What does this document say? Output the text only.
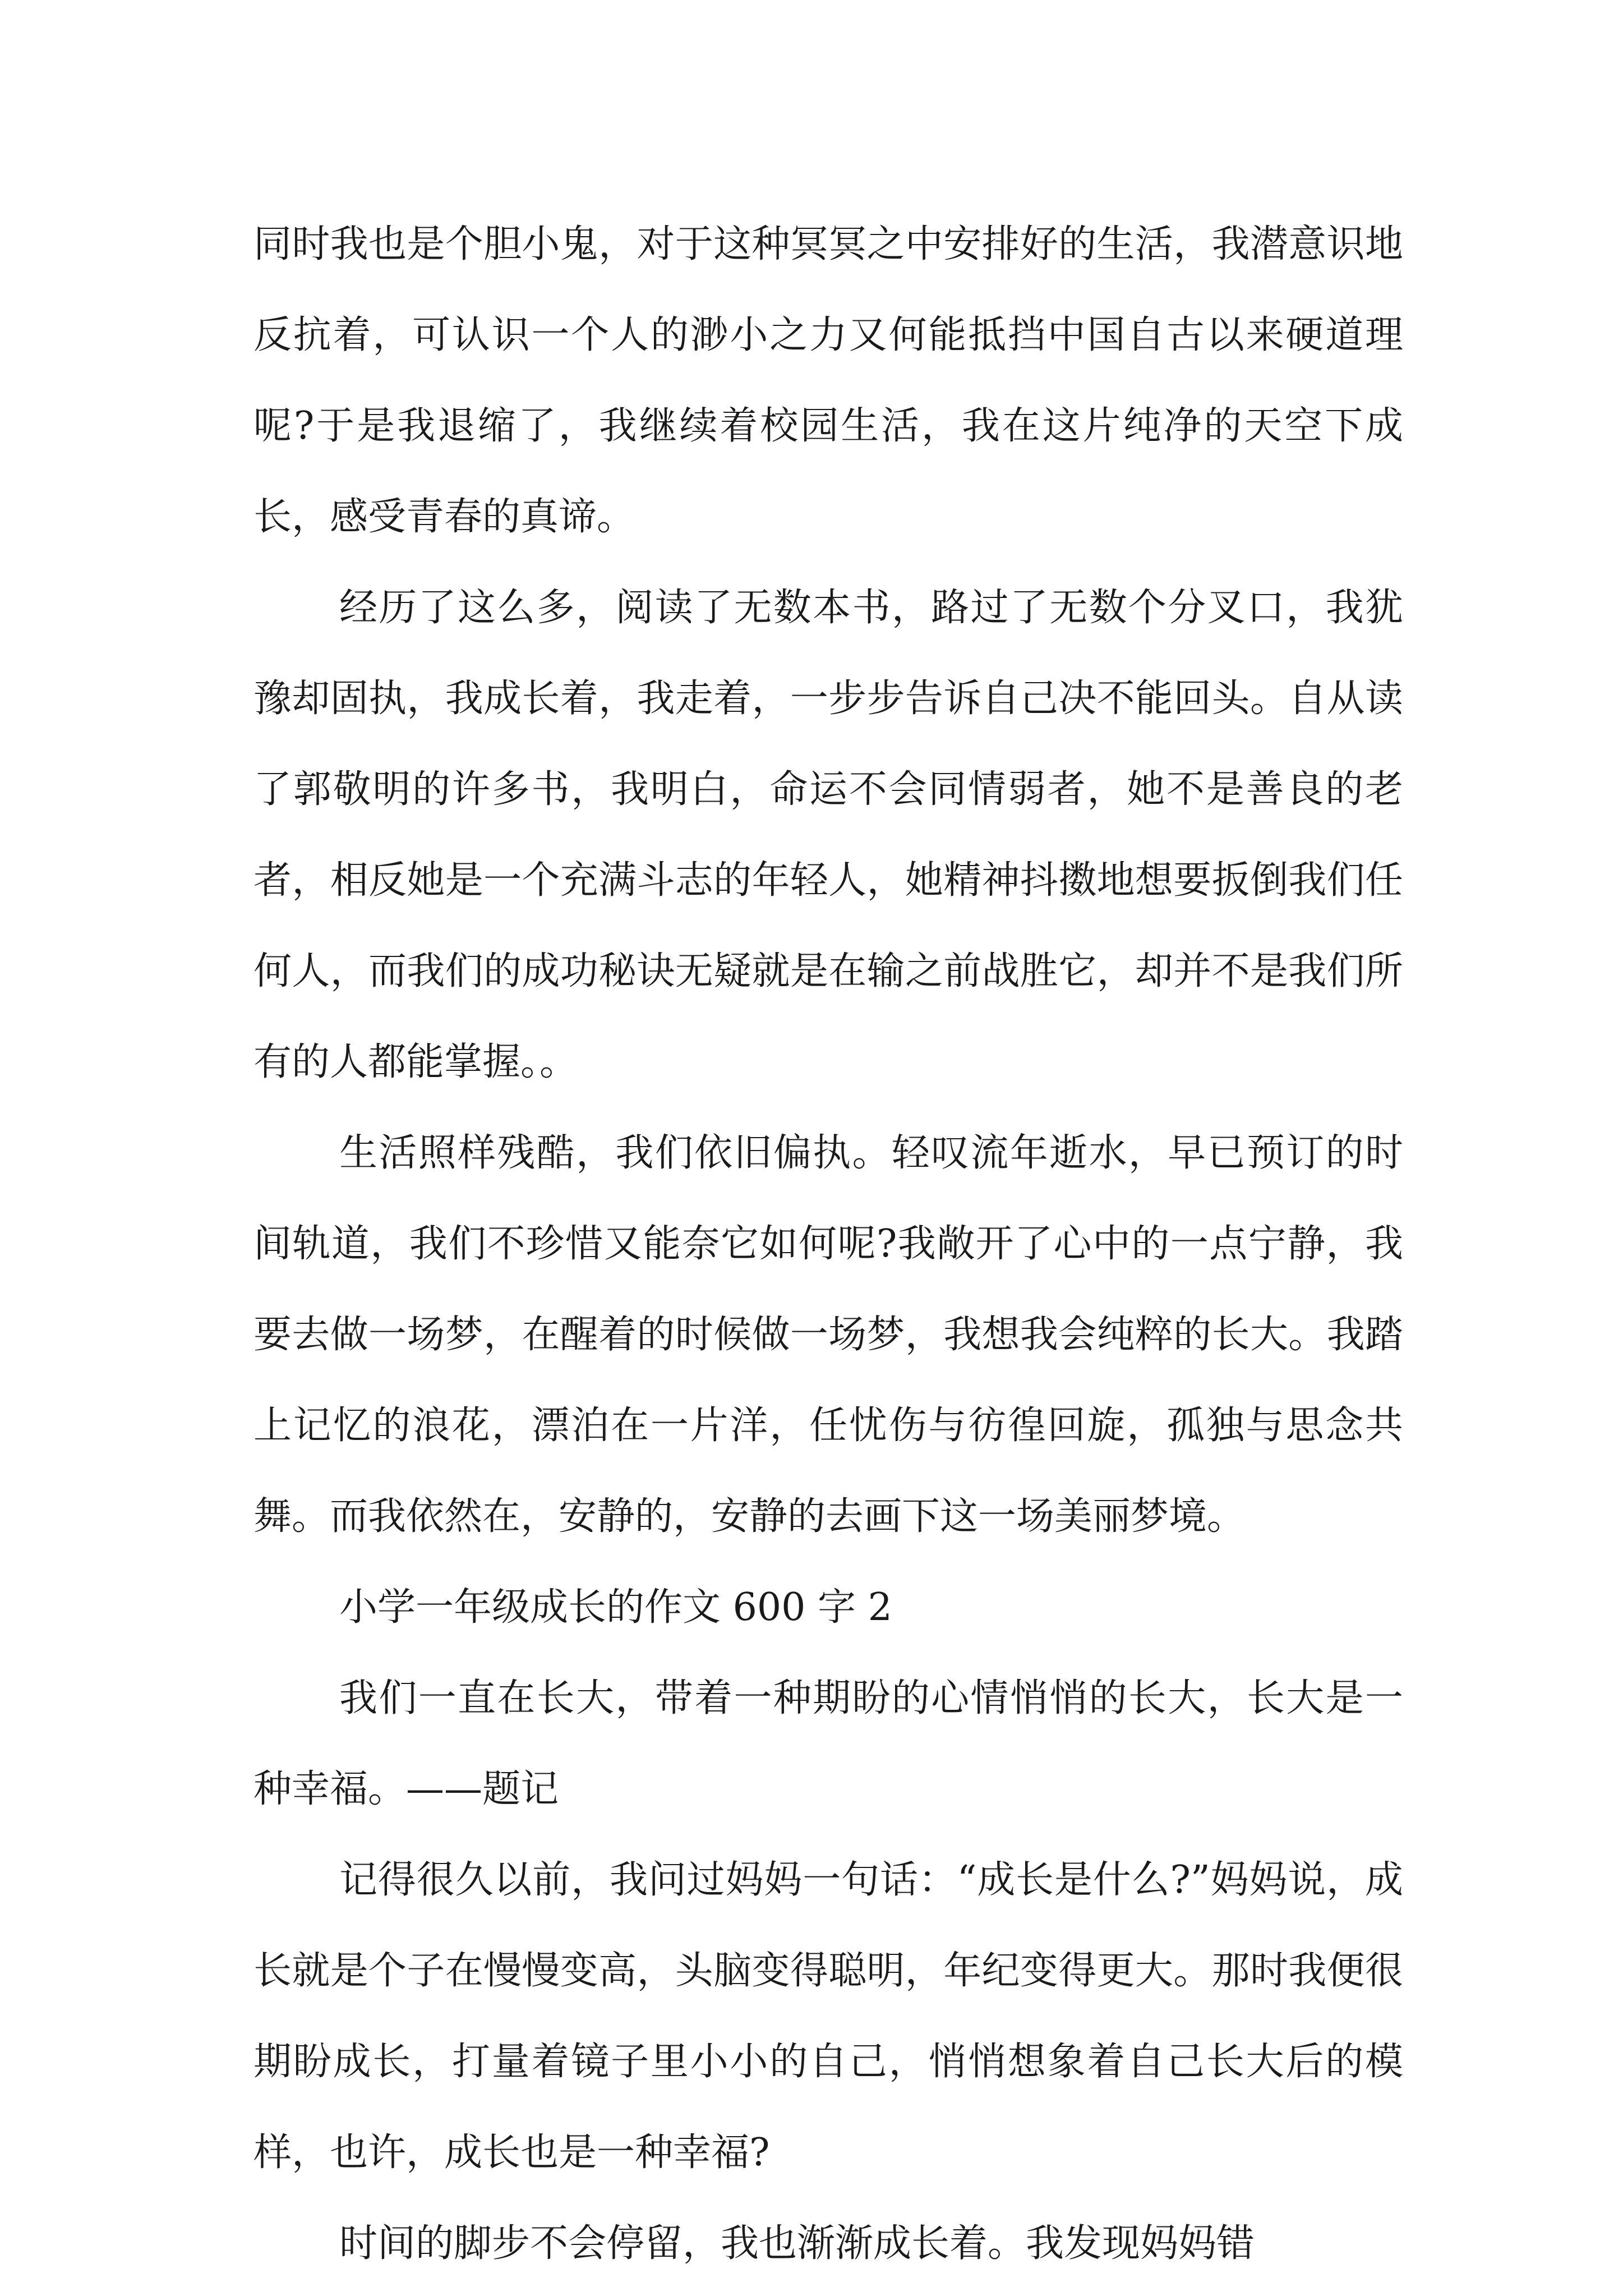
同时我也是个胆小鬼，对于这种冥冥之中安排好的生活，我潜意识地反抗着，可认识一个人的渺小之力又何能抵挡中国自古以来硬道理呢?于是我退缩了，我继续着校园生活，我在这片纯净的天空下成长，感受青春的真谛。

经历了这么多，阅读了无数本书，路过了无数个分叉口，我犹豫却固执，我成长着，我走着，一步步告诉自己决不能回头。自从读了郭敬明的许多书，我明白，命运不会同情弱者，她不是善良的老者，相反她是一个充满斗志的年轻人，她精神抖擞地想要扳倒我们任何人，而我们的成功秘诀无疑就是在输之前战胜它，却并不是我们所有的人都能掌握。。

生活照样残酷，我们依旧偏执。轻叹流年逝水，早已预订的时间轨道，我们不珍惜又能奈它如何呢?我敞开了心中的一点宁静，我要去做一场梦，在醒着的时候做一场梦，我想我会纯粹的长大。我踏上记忆的浪花，漂泊在一片洋，任忧伤与彷徨回旋，孤独与思念共舞。而我依然在，安静的，安静的去画下这一场美丽梦境。

小学一年级成长的作文 600 字 2

我们一直在长大，带着一种期盼的心情悄悄的长大，长大是一种幸福。——题记

记得很久以前，我问过妈妈一句话：“成长是什么?”妈妈说，成长就是个子在慢慢变高，头脑变得聪明，年纪变得更大。那时我便很期盼成长，打量着镜子里小小的自己，悄悄想象着自己长大后的模样，也许，成长也是一种幸福?

时间的脚步不会停留，我也渐渐成长着。我发现妈妈错
